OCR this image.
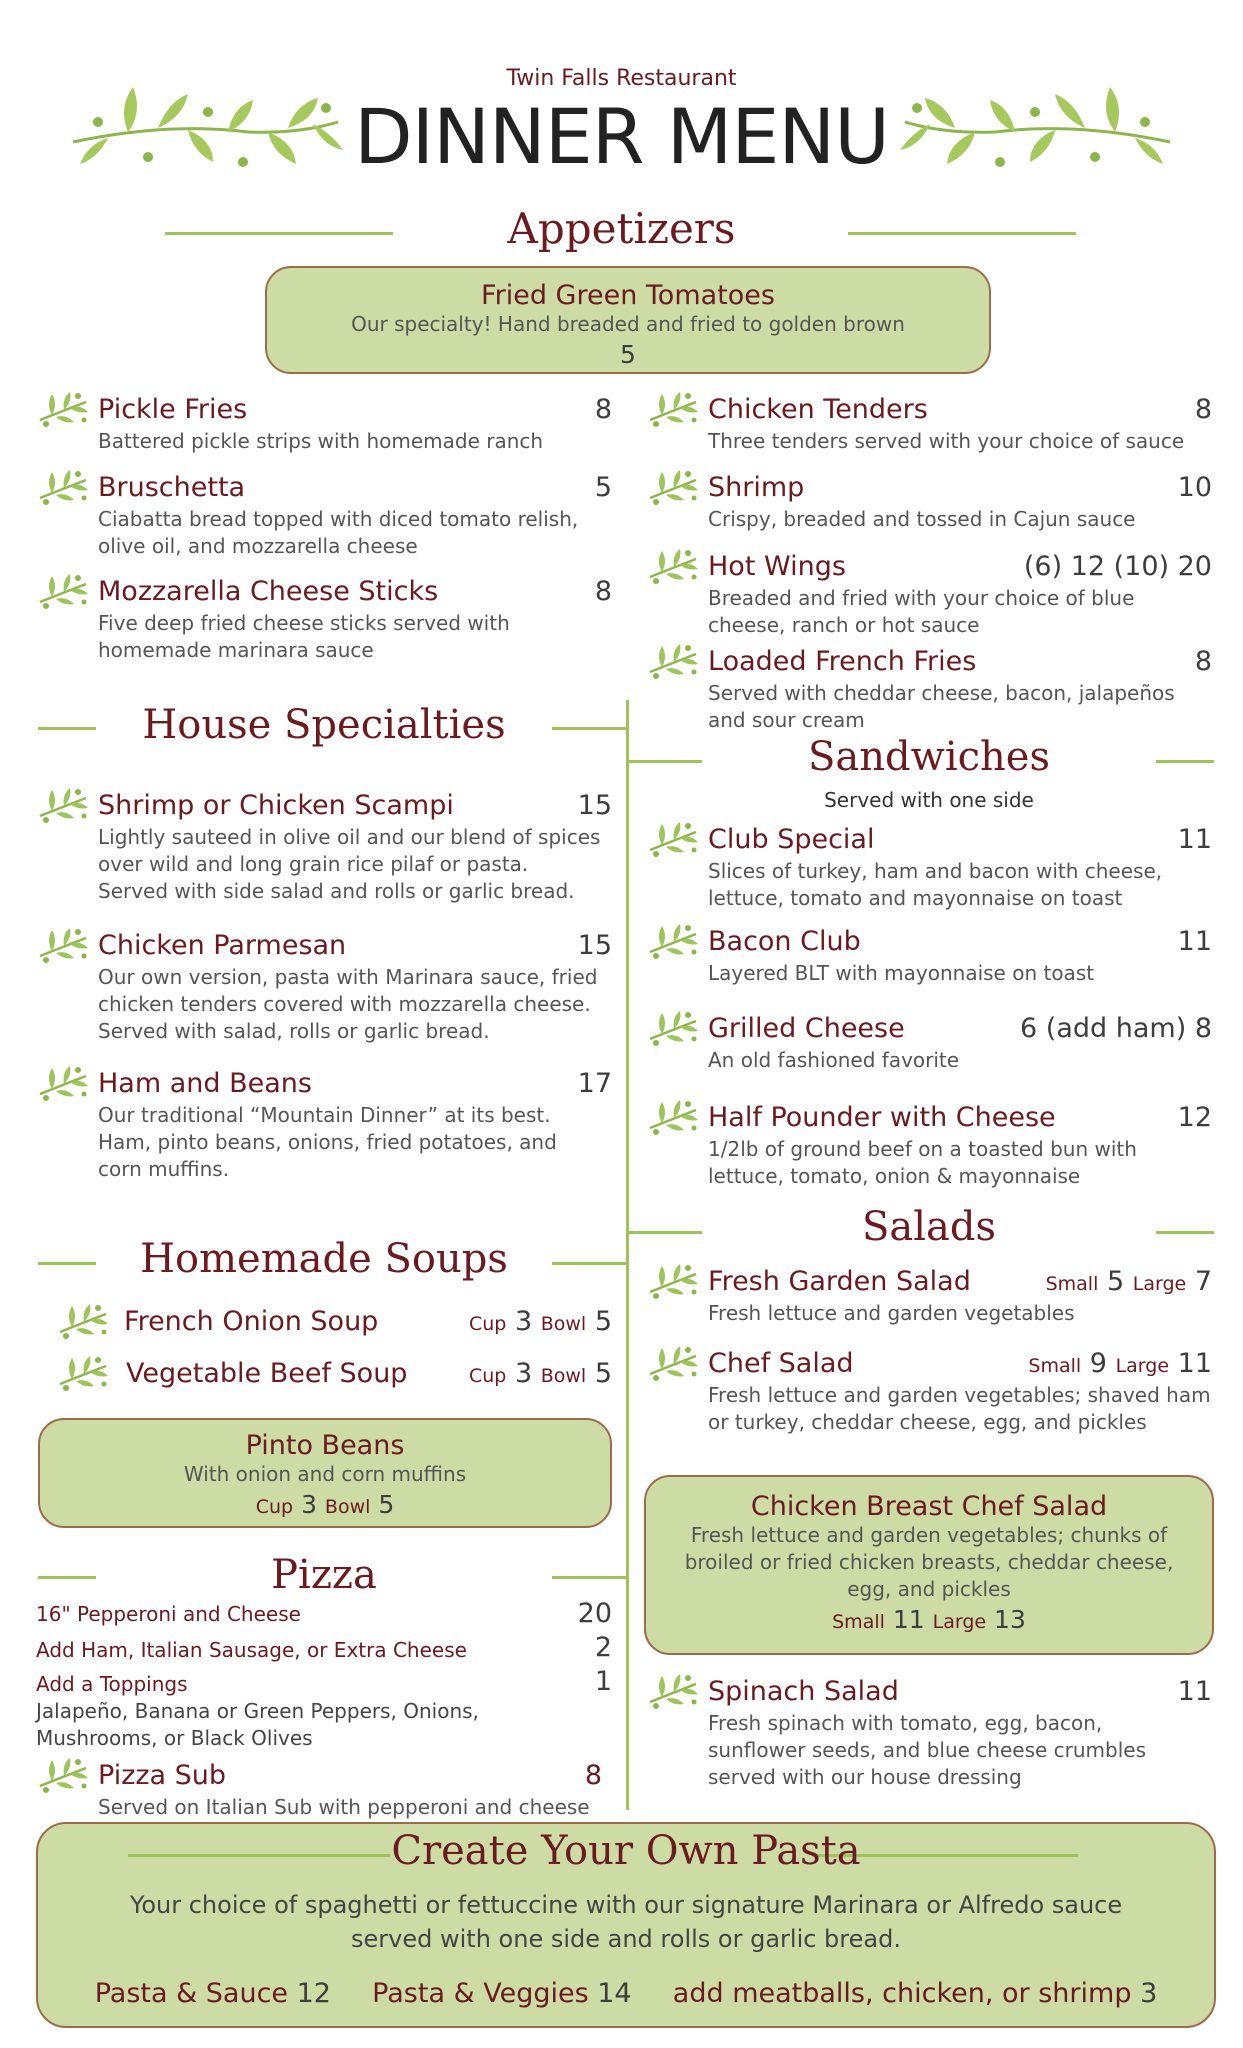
Twin Falls Restaurant
DINNER MENU
Appetizers
Fried Green Tomatoes
Our specialty! Hand breaded and fried to golden brown
5
Pickle Fries	8
Battered pickle strips with homemade ranch
Bruschetta	5
Ciabatta bread topped with diced tomato relish, olive oil, and mozzarella cheese
Mozzarella Cheese Sticks	8
Five deep fried cheese sticks served with homemade marinara sauce
Chicken Tenders	8
Three tenders served with your choice of sauce
Shrimp	10
Crispy, breaded and tossed in Cajun sauce
Hot Wings	(6) 12 (10) 20
Breaded and fried with your choice of blue cheese, ranch or hot sauce
Loaded French Fries	8
Served with cheddar cheese, bacon, jalapeños and sour cream
House Specialties
Shrimp or Chicken Scampi	15
Lightly sauteed in olive oil and our blend of spices over wild and long grain rice pilaf or pasta. Served with side salad and rolls or garlic bread.
Chicken Parmesan	15
Our own version, pasta with Marinara sauce, fried chicken tenders covered with mozzarella cheese. Served with salad, rolls or garlic bread.
Ham and Beans	17
Our traditional “Mountain Dinner” at its best. Ham, pinto beans, onions, fried potatoes, and corn muffins.
Homemade Soups
French Onion Soup	Cup 3 Bowl 5
Vegetable Beef Soup	Cup 3 Bowl 5
Pinto Beans
With onion and corn muffins
Cup 3 Bowl 5
Pizza
16" Pepperoni and Cheese	20
Add Ham, Italian Sausage, or Extra Cheese	2
Add a Toppings	1
Jalapeño, Banana or Green Peppers, Onions, Mushrooms, or Black Olives
Pizza Sub	8
Served on Italian Sub with pepperoni and cheese
Sandwiches
Served with one side
Club Special	11
Slices of turkey, ham and bacon with cheese, lettuce, tomato and mayonnaise on toast
Bacon Club	11
Layered BLT with mayonnaise on toast
Grilled Cheese	6 (add ham) 8
An old fashioned favorite
Half Pounder with Cheese	12
1/2lb of ground beef on a toasted bun with lettuce, tomato, onion & mayonnaise
Salads
Fresh Garden Salad	Small 5 Large 7
Fresh lettuce and garden vegetables
Chef Salad	Small 9 Large 11
Fresh lettuce and garden vegetables; shaved ham or turkey, cheddar cheese, egg, and pickles
Chicken Breast Chef Salad
Fresh lettuce and garden vegetables; chunks of broiled or fried chicken breasts, cheddar cheese, egg, and pickles
Small 11 Large 13
Spinach Salad	11
Fresh spinach with tomato, egg, bacon, sunflower seeds, and blue cheese crumbles served with our house dressing
Create Your Own Pasta
Your choice of spaghetti or fettuccine with our signature Marinara or Alfredo sauce served with one side and rolls or garlic bread.
Pasta & Sauce 12 Pasta & Veggies 14 add meatballs, chicken, or shrimp 3
